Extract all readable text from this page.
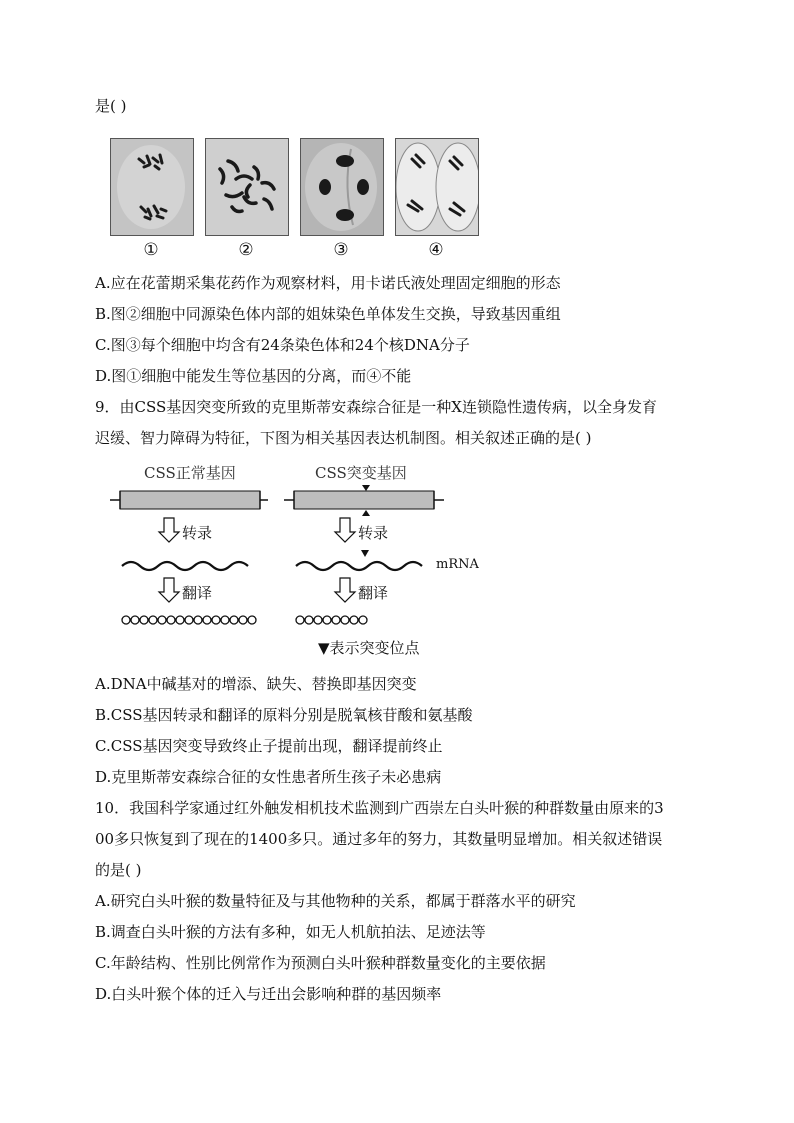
是( )
①	②	③	④
A.应在花蕾期采集花药作为观察材料，用卡诺氏液处理固定细胞的形态
B.图②细胞中同源染色体内部的姐妹染色单体发生交换，导致基因重组
C.图③每个细胞中均含有24条染色体和24个核DNA分子
D.图①细胞中能发生等位基因的分离，而④不能
9．由CSS基因突变所致的克里斯蒂安森综合征是一种X连锁隐性遗传病，以全身发育
迟缓、智力障碍为特征，下图为相关基因表达机制图。相关叙述正确的是( )
CSS正常基因	CSS突变基因
转录	转录
mRNA
翻译	翻译
▼表示突变位点
A.DNA中碱基对的增添、缺失、替换即基因突变
B.CSS基因转录和翻译的原料分别是脱氧核苷酸和氨基酸
C.CSS基因突变导致终止子提前出现，翻译提前终止
D.克里斯蒂安森综合征的女性患者所生孩子未必患病
10．我国科学家通过红外触发相机技术监测到广西崇左白头叶猴的种群数量由原来的3
00多只恢复到了现在的1400多只。通过多年的努力，其数量明显增加。相关叙述错误
的是( )
A.研究白头叶猴的数量特征及与其他物种的关系，都属于群落水平的研究
B.调查白头叶猴的方法有多种，如无人机航拍法、足迹法等
C.年龄结构、性别比例常作为预测白头叶猴种群数量变化的主要依据
D.白头叶猴个体的迁入与迁出会影响种群的基因频率
